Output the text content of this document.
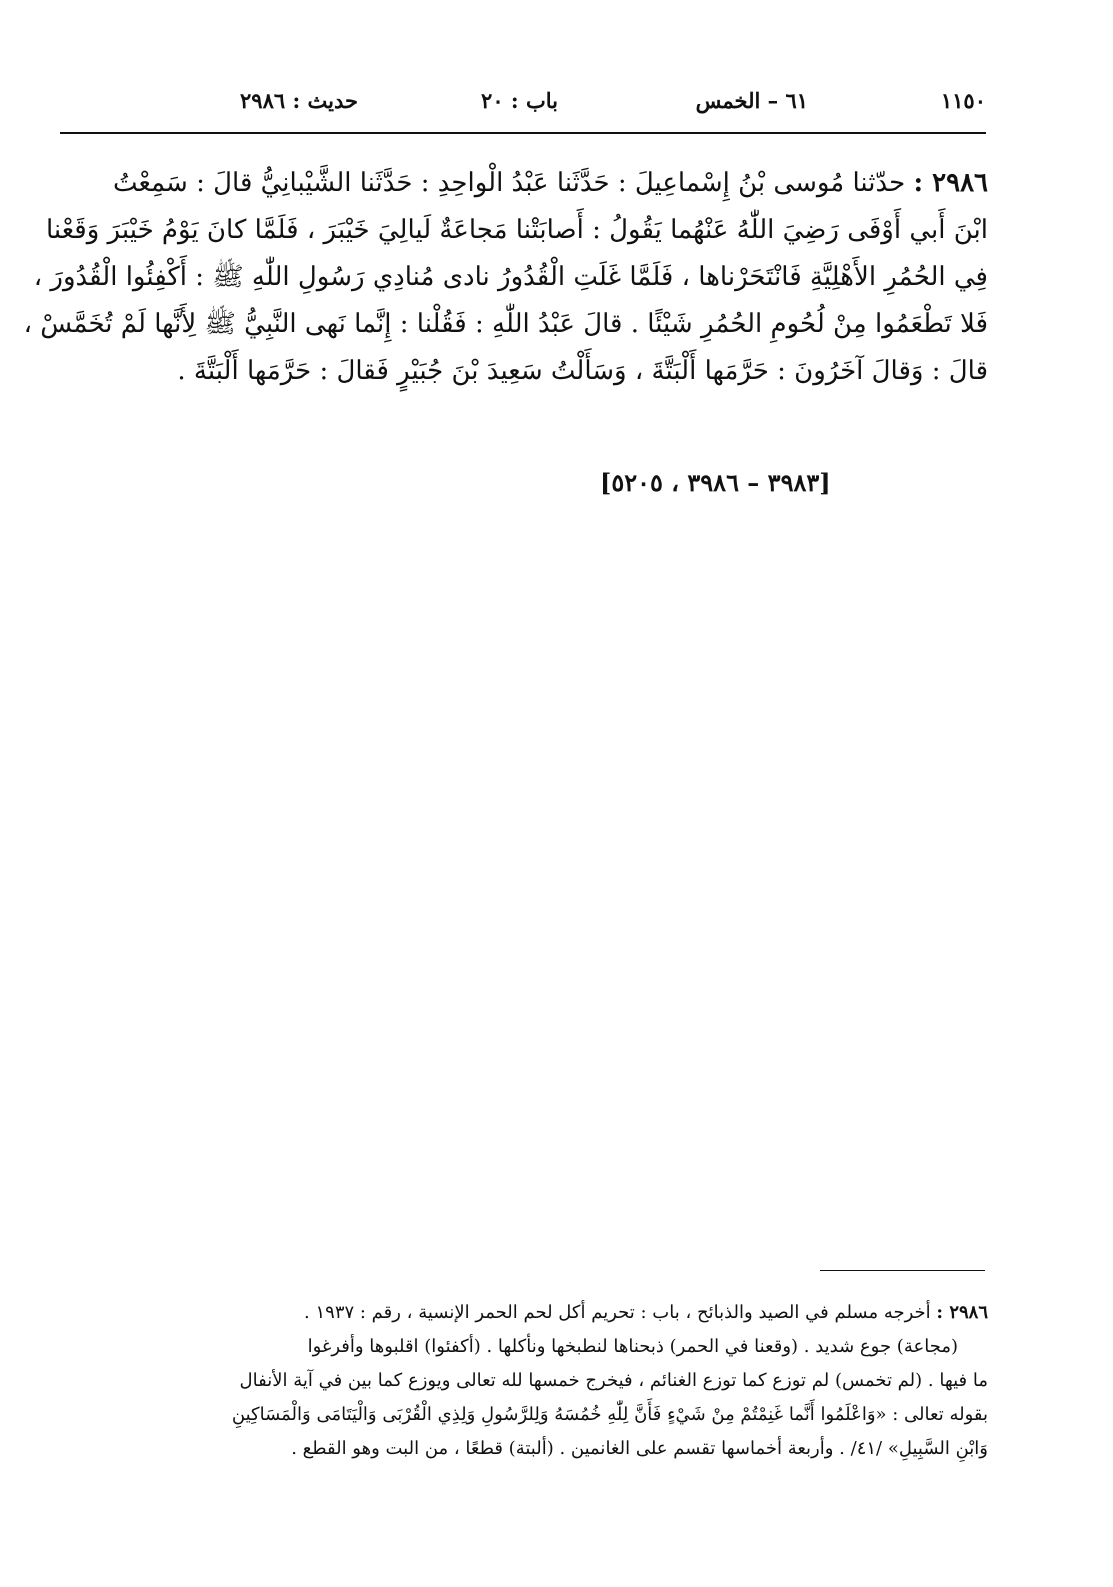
١١٥٠
٦١ – الخمس
باب : ٢٠
حديث : ٢٩٨٦
٢٩٨٦ : حدّثنا مُوسى بْنُ إِسْماعِيلَ : حَدَّثَنا عَبْدُ الْواحِدِ : حَدَّثَنا الشَّيْبانِيُّ قالَ : سَمِعْتُ
ابْنَ أَبي أَوْفَى رَضِيَ اللّٰهُ عَنْهُما يَقُولُ : أَصابَتْنا مَجاعَةٌ لَيالِيَ خَيْبَرَ ، فَلَمَّا كانَ يَوْمُ خَيْبَرَ وَقَعْنا
فِي الحُمُرِ الأَهْلِيَّةِ فَانْتَحَرْناها ، فَلَمَّا غَلَتِ الْقُدُورُ نادى مُنادِي رَسُولِ اللّٰهِ ﷺ : أَكْفِئُوا الْقُدُورَ ،
فَلا تَطْعَمُوا مِنْ لُحُومِ الحُمُرِ شَيْئًا . قالَ عَبْدُ اللّٰهِ : فَقُلْنا : إِنَّما نَهى النَّبِيُّ ﷺ لِأَنَّها لَمْ تُخَمَّسْ ،
قالَ : وَقالَ آخَرُونَ : حَرَّمَها أَلْبَتَّةَ ، وَسَأَلْتُ سَعِيدَ بْنَ جُبَيْرٍ فَقالَ : حَرَّمَها أَلْبَتَّةَ .
[٣٩٨٣ – ٣٩٨٦ ، ٥٢٠٥]
٢٩٨٦ : أخرجه مسلم في الصيد والذبائح ، باب : تحريم أكل لحم الحمر الإنسية ، رقم : ١٩٣٧ .
(مجاعة) جوع شديد . (وقعنا في الحمر) ذبحناها لنطبخها ونأكلها . (أكفئوا) اقلبوها وأفرغوا
ما فيها . (لم تخمس) لم توزع كما توزع الغنائم ، فيخرج خمسها لله تعالى ويوزع كما بين في آية الأنفال
بقوله تعالى : «وَاعْلَمُوا أَنَّما غَنِمْتُمْ مِنْ شَيْءٍ فَأَنَّ لِلّٰهِ خُمُسَهُ وَلِلرَّسُولِ وَلِذِي الْقُرْبَى وَالْيَتَامَى وَالْمَسَاكِينِ
وَابْنِ السَّبِيلِ» /٤١/ . وأربعة أخماسها تقسم على الغانمين . (ألبتة) قطعًا ، من البت وهو القطع .
